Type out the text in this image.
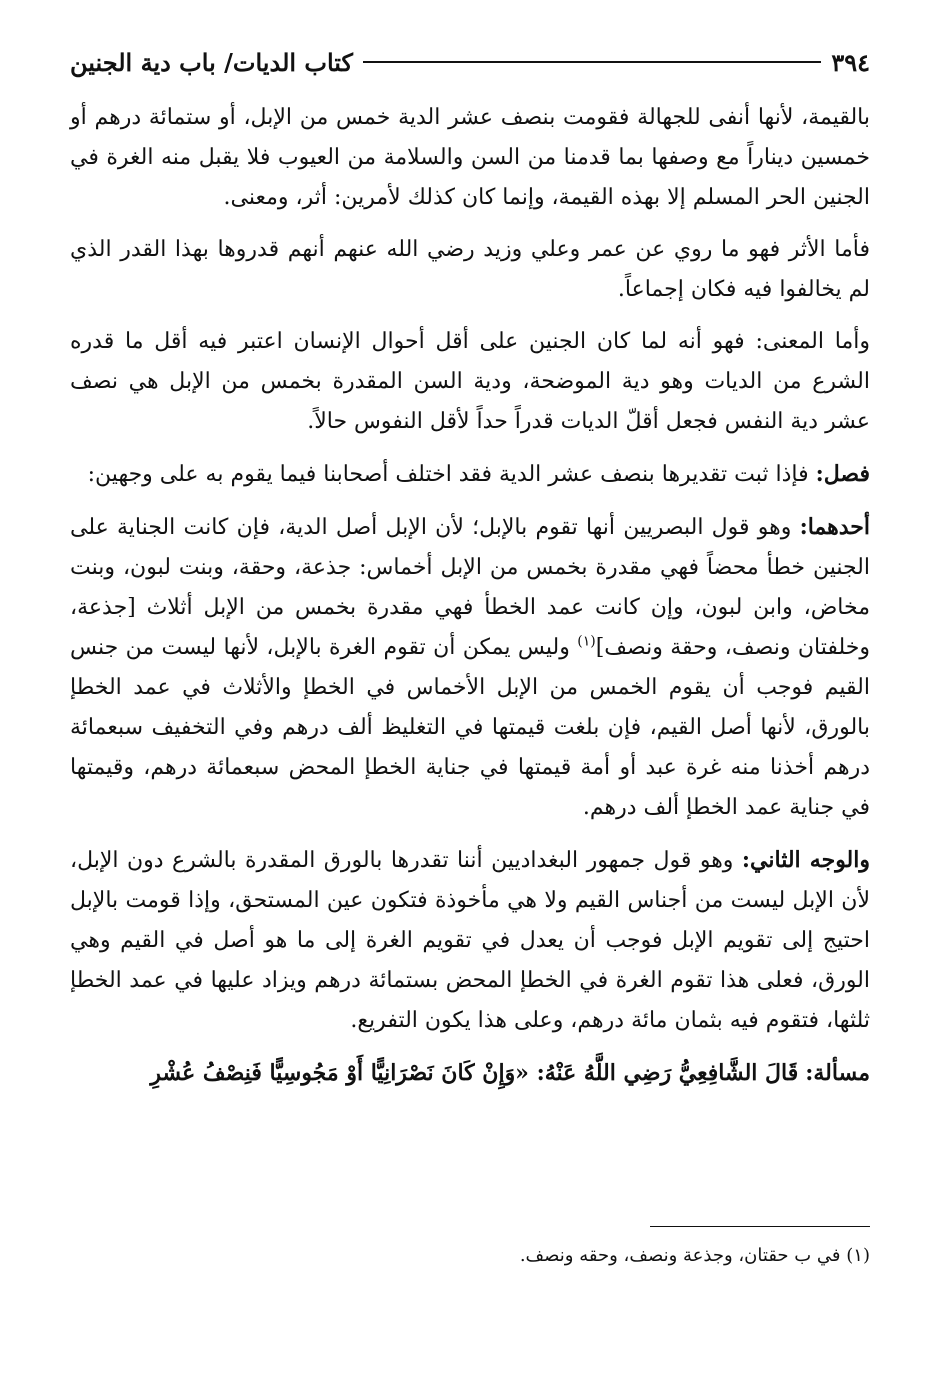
٣٩٤
كتاب الديات/ باب دية الجنين

بالقيمة، لأنها أنفى للجهالة فقومت بنصف عشر الدية خمس من الإبل، أو ستمائة درهم أو خمسين ديناراً مع وصفها بما قدمنا من السن والسلامة من العيوب فلا يقبل منه الغرة في الجنين الحر المسلم إلا بهذه القيمة، وإنما كان كذلك لأمرين: أثر، ومعنى.

فأما الأثر فهو ما روي عن عمر وعلي وزيد رضي الله عنهم أنهم قدروها بهذا القدر الذي لم يخالفوا فيه فكان إجماعاً.

وأما المعنى: فهو أنه لما كان الجنين على أقل أحوال الإنسان اعتبر فيه أقل ما قدره الشرع من الديات وهو دية الموضحة، ودية السن المقدرة بخمس من الإبل هي نصف عشر دية النفس فجعل أقلّ الديات قدراً حداً لأقل النفوس حالاً.

فصل: فإذا ثبت تقديرها بنصف عشر الدية فقد اختلف أصحابنا فيما يقوم به على وجهين:

أحدهما: وهو قول البصريين أنها تقوم بالإبل؛ لأن الإبل أصل الدية، فإن كانت الجناية على الجنين خطأ محضاً فهي مقدرة بخمس من الإبل أخماس: جذعة، وحقة، وبنت لبون، وبنت مخاض، وابن لبون، وإن كانت عمد الخطأ فهي مقدرة بخمس من الإبل أثلاث [جذعة، وخلفتان ونصف، وحقة ونصف]$^{(١)}$ وليس يمكن أن تقوم الغرة بالإبل، لأنها ليست من جنس القيم فوجب أن يقوم الخمس من الإبل الأخماس في الخطإ والأثلاث في عمد الخطإ بالورق، لأنها أصل القيم، فإن بلغت قيمتها في التغليظ ألف درهم وفي التخفيف سبعمائة درهم أخذنا منه غرة عبد أو أمة قيمتها في جناية الخطإ المحض سبعمائة درهم، وقيمتها في جناية عمد الخطإ ألف درهم.

والوجه الثاني: وهو قول جمهور البغداديين أننا تقدرها بالورق المقدرة بالشرع دون الإبل، لأن الإبل ليست من أجناس القيم ولا هي مأخوذة فتكون عين المستحق، وإذا قومت بالإبل احتيج إلى تقويم الإبل فوجب أن يعدل في تقويم الغرة إلى ما هو أصل في القيم وهي الورق، فعلى هذا تقوم الغرة في الخطإ المحض بستمائة درهم ويزاد عليها في عمد الخطإ ثلثها، فتقوم فيه بثمان مائة درهم، وعلى هذا يكون التفريع.

مسألة: قَالَ الشَّافِعِيُّ رَضِي اللَّهُ عَنْهُ: «وَإِنْ كَانَ نَصْرَانِيًّا أَوْ مَجُوسِيًّا فَنِصْفُ عُشْرِ

(١) في ب حقتان، وجذعة ونصف، وحقه ونصف.
